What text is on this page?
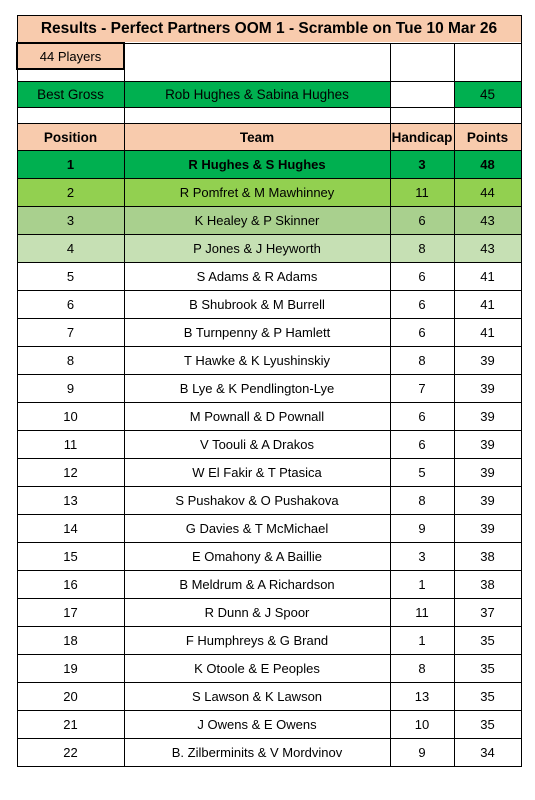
Results - Perfect Partners OOM 1 - Scramble on Tue 10 Mar 26			
44 Players			

Best Gross	Rob Hughes & Sabina Hughes		45

Position	Team	Handicap	Points
1	R Hughes & S Hughes	3	48
2	R Pomfret & M Mawhinney	11	44
3	K Healey & P Skinner	6	43
4	P Jones & J Heyworth	8	43
5	S Adams & R Adams	6	41
6	B Shubrook & M Burrell	6	41
7	B Turnpenny & P Hamlett	6	41
8	T Hawke & K Lyushinskiy	8	39
9	B Lye & K Pendlington-Lye	7	39
10	M Pownall & D Pownall	6	39
11	V Toouli & A Drakos	6	39
12	W El Fakir & T Ptasica	5	39
13	S Pushakov & O Pushakova	8	39
14	G Davies & T McMichael	9	39
15	E Omahony & A Baillie	3	38
16	B Meldrum & A Richardson	1	38
17	R Dunn & J Spoor	11	37
18	F Humphreys & G Brand	1	35
19	K Otoole & E Peoples	8	35
20	S Lawson & K Lawson	13	35
21	J Owens & E Owens	10	35
22	B. Zilberminits & V Mordvinov	9	34
